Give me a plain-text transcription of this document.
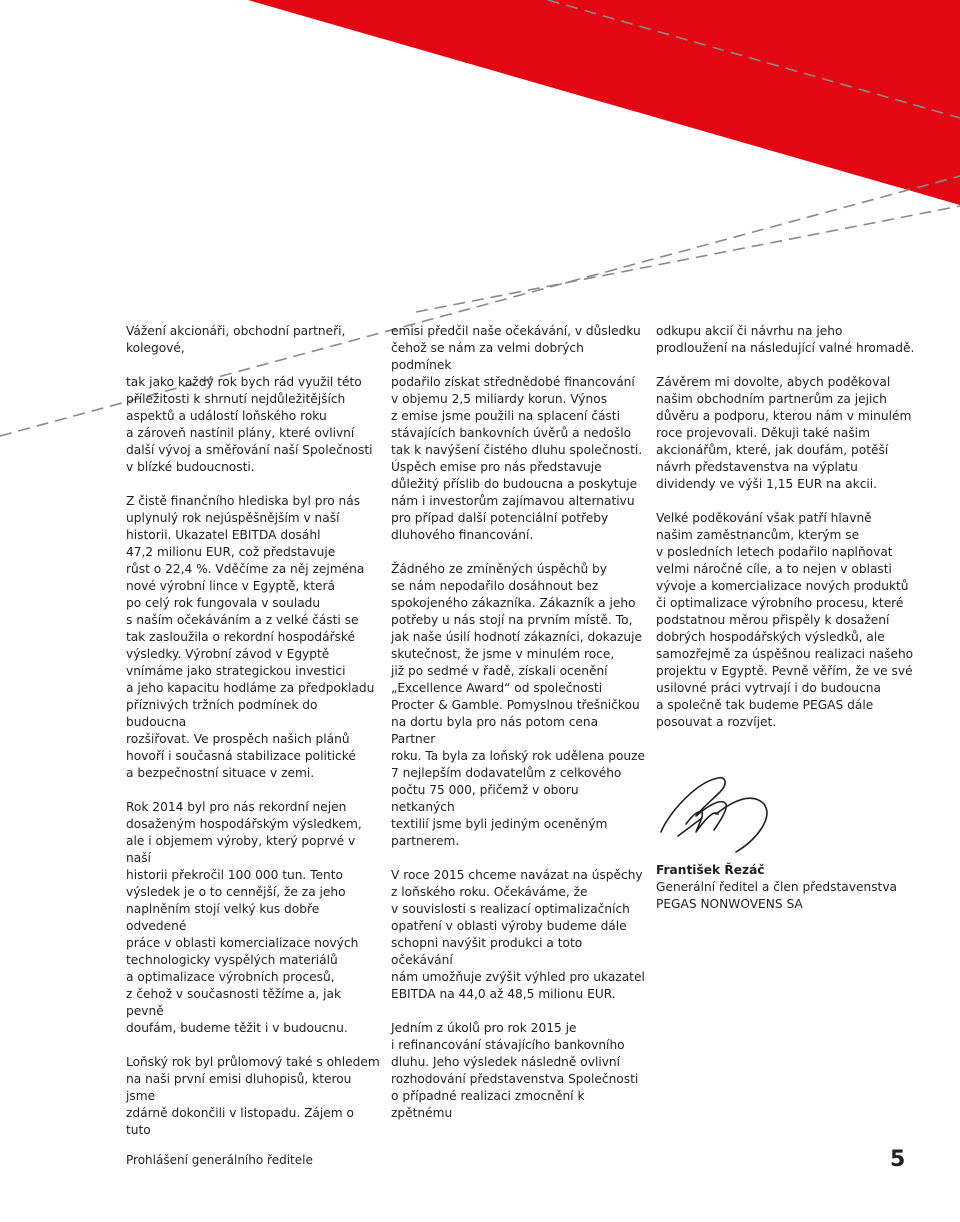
Vážení akcionáři, obchodní partneři,
kolegové,

tak jako každý rok bych rád využil této
příležitosti k shrnutí nejdůležitějších
aspektů a událostí loňského roku
a zároveň nastínil plány, které ovlivní
další vývoj a směřování naší Společnosti
v blízké budoucnosti.

Z čistě finančního hlediska byl pro nás
uplynulý rok nejúspěšnějším v naší
historii. Ukazatel EBITDA dosáhl
47,2 milionu EUR, což představuje
růst o 22,4 %. Vděčíme za něj zejména
nové výrobní lince v Egyptě, která
po celý rok fungovala v souladu
s naším očekáváním a z velké části se
tak zasloužila o rekordní hospodářské
výsledky. Výrobní závod v Egyptě
vnímáme jako strategickou investici
a jeho kapacitu hodláme za předpokladu
příznivých tržních podmínek do budoucna
rozšiřovat. Ve prospěch našich plánů
hovoří i současná stabilizace politické
a bezpečnostní situace v zemi.

Rok 2014 byl pro nás rekordní nejen
dosaženým hospodářským výsledkem,
ale i objemem výroby, který poprvé v naší
historii překročil 100 000 tun. Tento
výsledek je o to cennější, že za jeho
naplněním stojí velký kus dobře odvedené
práce v oblasti komercializace nových
technologicky vyspělých materiálů
a optimalizace výrobních procesů,
z čehož v současnosti těžíme a, jak pevně
doufám, budeme těžit i v budoucnu.

Loňský rok byl průlomový také s ohledem
na naši první emisi dluhopisů, kterou jsme
zdárně dokončili v listopadu. Zájem o tuto

emisi předčil naše očekávání, v důsledku
čehož se nám za velmi dobrých podmínek
podařilo získat střednědobé financování
v objemu 2,5 miliardy korun. Výnos
z emise jsme použili na splacení části
stávajících bankovních úvěrů a nedošlo
tak k navýšení čistého dluhu společnosti.
Úspěch emise pro nás představuje
důležitý příslib do budoucna a poskytuje
nám i investorům zajímavou alternativu
pro případ další potenciální potřeby
dluhového financování.

Žádného ze zmíněných úspěchů by
se nám nepodařilo dosáhnout bez
spokojeného zákazníka. Zákazník a jeho
potřeby u nás stojí na prvním místě. To,
jak naše úsilí hodnotí zákazníci, dokazuje
skutečnost, že jsme v minulém roce,
již po sedmé v řadě, získali ocenění
„Excellence Award“ od společnosti
Procter & Gamble. Pomyslnou třešničkou
na dortu byla pro nás potom cena Partner
roku. Ta byla za loňský rok udělena pouze
7 nejlepším dodavatelům z celkového
počtu 75 000, přičemž v oboru netkaných
textilií jsme byli jediným oceněným
partnerem.

V roce 2015 chceme navázat na úspěchy
z loňského roku. Očekáváme, že
v souvislosti s realizací optimalizačních
opatření v oblasti výroby budeme dále
schopni navýšit produkci a toto očekávání
nám umožňuje zvýšit výhled pro ukazatel
EBITDA na 44,0 až 48,5 milionu EUR.

Jedním z úkolů pro rok 2015 je
i refinancování stávajícího bankovního
dluhu. Jeho výsledek následně ovlivní
rozhodování představenstva Společnosti
o případné realizaci zmocnění k zpětnému

odkupu akcií či návrhu na jeho
prodloužení na následující valné hromadě.

Závěrem mi dovolte, abych poděkoval
našim obchodním partnerům za jejich
důvěru a podporu, kterou nám v minulém
roce projevovali. Děkuji také našim
akcionářům, které, jak doufám, potěší
návrh představenstva na výplatu
dividendy ve výši 1,15 EUR na akcii.

Velké poděkování však patří hlavně
našim zaměstnancům, kterým se
v posledních letech podařilo naplňovat
velmi náročné cíle, a to nejen v oblasti
vývoje a komercializace nových produktů
či optimalizace výrobního procesu, které
podstatnou měrou přispěly k dosažení
dobrých hospodářských výsledků, ale
samozřejmě za úspěšnou realizaci našeho
projektu v Egyptě. Pevně věřím, že ve své
usilovné práci vytrvají i do budoucna
a společně tak budeme PEGAS dále
posouvat a rozvíjet.

František Řezáč
Generální ředitel a člen představenstva
PEGAS NONWOVENS SA
Prohlášení generálního ředitele	5
